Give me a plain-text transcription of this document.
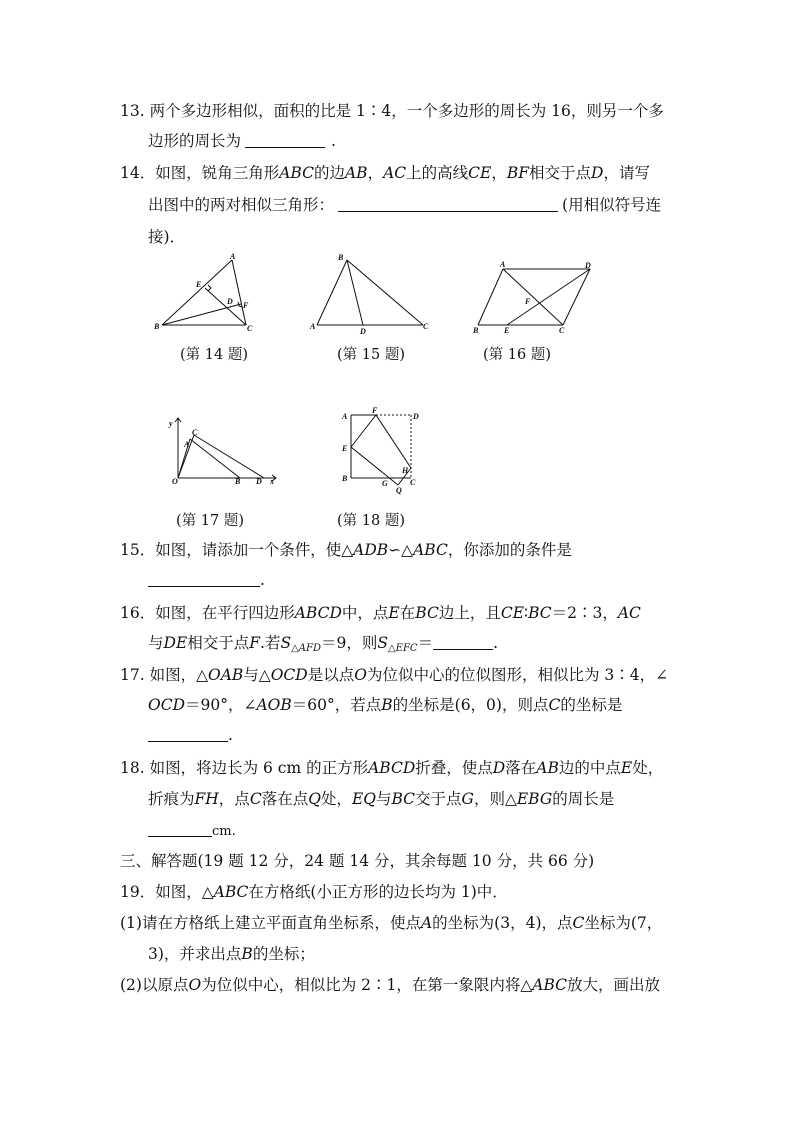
13. 两个多边形相似，面积的比是 1∶4，一个多边形的周长为 16，则另一个多
边形的周长为	.
14．如图，锐角三角形ABC的边AB，AC上的高线CE，BF相交于点D，请写
出图中的两对相似三角形：	(用相似符号连
接)．
A
B	C
D
E
F
(第 14 题)
B
A
D
C
(第 15 题)
A	D
B	E
F
C
(第 16 题)
y
x
O
A
C
B D
(第 17 题)
A
F
D
E
B
G
H
Q
C
(第 18 题)
15．如图，请添加一个条件，使△ADB∽△ABC，你添加的条件是
.
16．如图，在平行四边形ABCD中，点E在BC边上，且CE∶BC＝2∶3，AC
与DE相交于点F.若$S_{\triangle AFD}=9$，则$S_{\triangle EFC}=$	.
17. 如图，△OAB与△OCD是以点O为位似中心的位似图形，相似比为 3∶4，∠
OCD＝90°，∠AOB＝60°，若点B的坐标是(6，0)，则点C的坐标是
.
18. 如图，将边长为 6 cm 的正方形ABCD折叠，使点D落在AB边的中点E处，
折痕为FH，点C落在点Q处，EQ与BC交于点G，则△EBG的周长是
cm.
三、解答题(19 题 12 分，24 题 14 分，其余每题 10 分，共 66 分)
19．如图，△ABC在方格纸(小正方形的边长均为 1)中．
(1)请在方格纸上建立平面直角坐标系，使点A的坐标为(3，4)，点C坐标为(7，
3)，并求出点B的坐标；
(2)以原点O为位似中心，相似比为 2∶1，在第一象限内将△ABC放大，画出放
